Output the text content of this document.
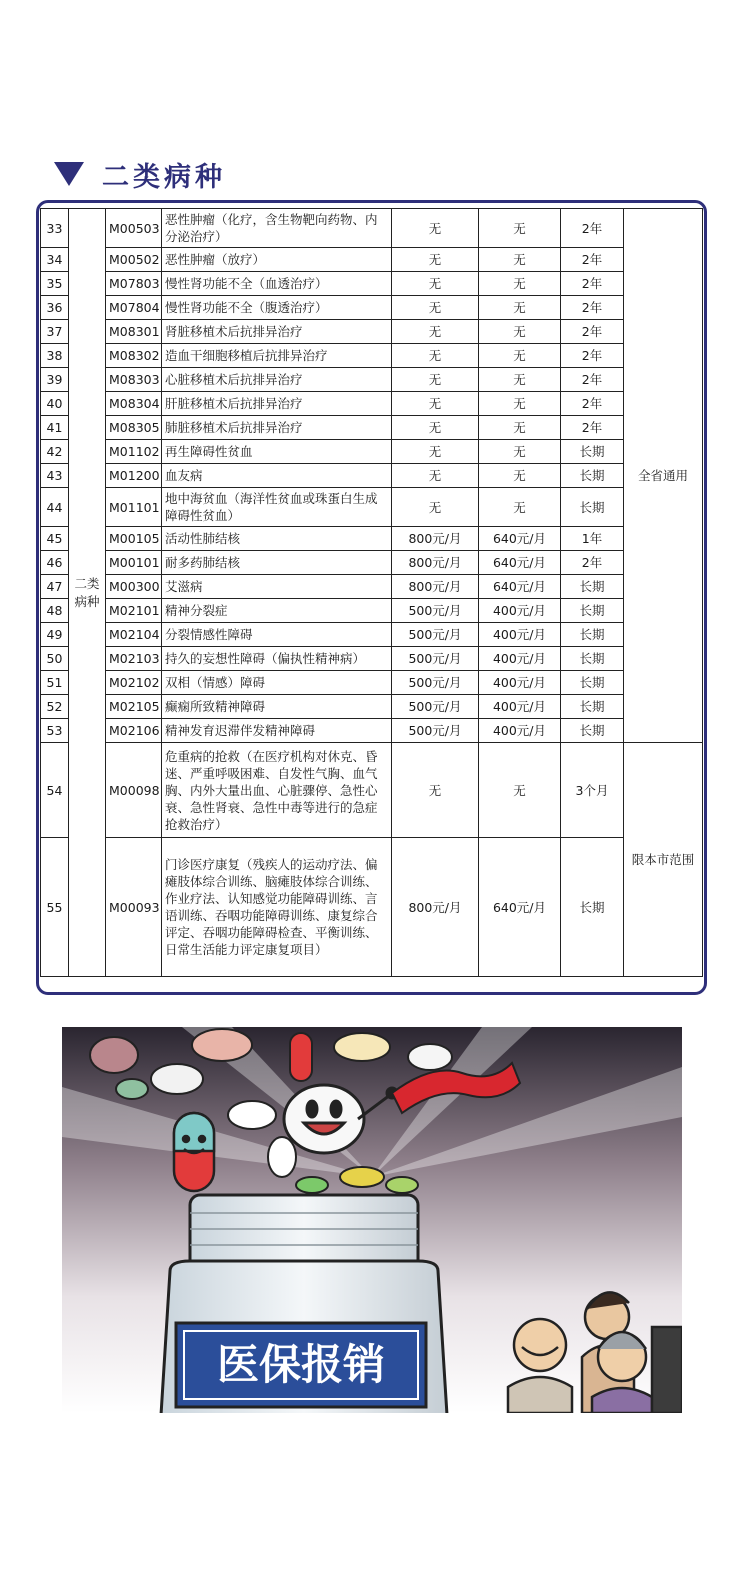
二类病种
33	二类病种	M00503	恶性肿瘤（化疗，含生物靶向药物、内分泌治疗）	无	无	2年	全省通用
34		M00502	恶性肿瘤（放疗）	无	无	2年	
35		M07803	慢性肾功能不全（血透治疗）	无	无	2年	
36		M07804	慢性肾功能不全（腹透治疗）	无	无	2年	
37		M08301	肾脏移植术后抗排异治疗	无	无	2年	
38		M08302	造血干细胞移植后抗排异治疗	无	无	2年	
39		M08303	心脏移植术后抗排异治疗	无	无	2年	
40		M08304	肝脏移植术后抗排异治疗	无	无	2年	
41		M08305	肺脏移植术后抗排异治疗	无	无	2年	
42		M01102	再生障碍性贫血	无	无	长期	
43		M01200	血友病	无	无	长期	
44		M01101	地中海贫血（海洋性贫血或珠蛋白生成障碍性贫血）	无	无	长期	
45		M00105	活动性肺结核	800元/月	640元/月	1年	
46		M00101	耐多药肺结核	800元/月	640元/月	2年	
47		M00300	艾滋病	800元/月	640元/月	长期	
48		M02101	精神分裂症	500元/月	400元/月	长期	
49		M02104	分裂情感性障碍	500元/月	400元/月	长期	
50		M02103	持久的妄想性障碍（偏执性精神病）	500元/月	400元/月	长期	
51		M02102	双相（情感）障碍	500元/月	400元/月	长期	
52		M02105	癫痫所致精神障碍	500元/月	400元/月	长期	
53		M02106	精神发育迟滞伴发精神障碍	500元/月	400元/月	长期	
54		M00098	危重病的抢救（在医疗机构对休克、昏迷、严重呼吸困难、自发性气胸、血气胸、内外大量出血、心脏骤停、急性心衰、急性肾衰、急性中毒等进行的急症抢救治疗）	无	无	3个月	限本市范围
55		M00093	门诊医疗康复（残疾人的运动疗法、偏瘫肢体综合训练、脑瘫肢体综合训练、作业疗法、认知感觉功能障碍训练、言语训练、吞咽功能障碍训练、康复综合评定、吞咽功能障碍检查、平衡训练、日常生活能力评定康复项目）	800元/月	640元/月	长期	
医保报销
